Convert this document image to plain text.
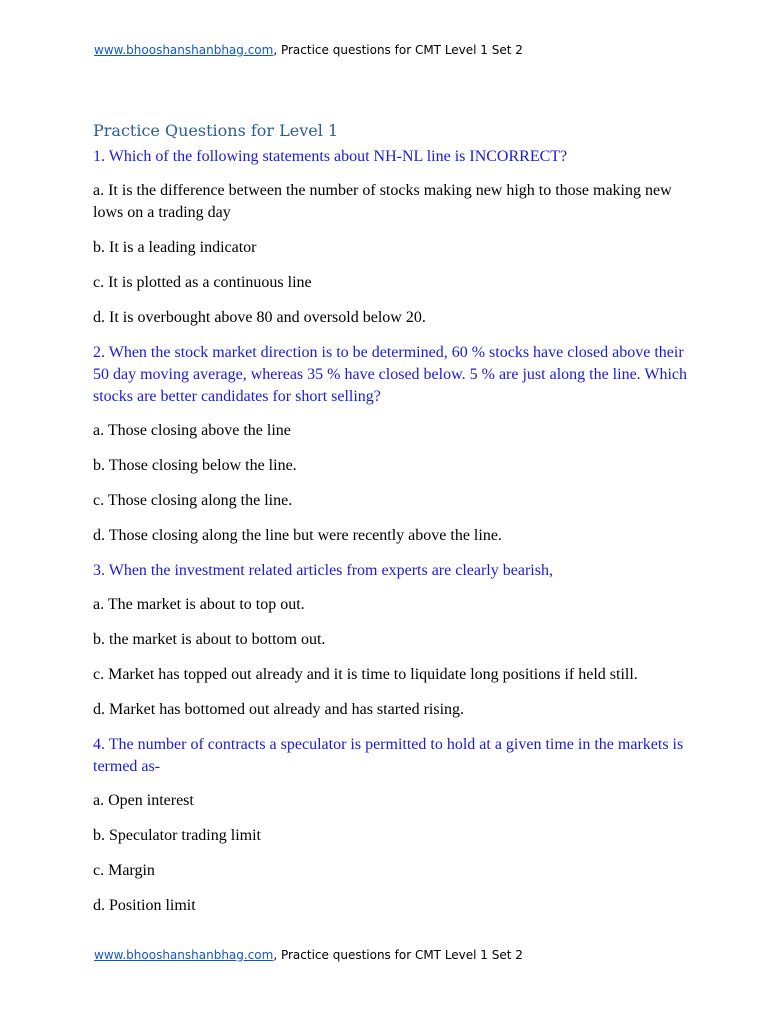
www.bhooshanshanbhag.com, Practice questions for CMT Level 1 Set 2
Practice Questions for Level 1
1. Which of the following statements about NH-NL line is INCORRECT?
a. It is the difference between the number of stocks making new high to those making new lows on a trading day
b. It is a leading indicator
c. It is plotted as a continuous line
d. It is overbought above 80 and oversold below 20.
2. When the stock market direction is to be determined, 60 % stocks have closed above their 50 day moving average, whereas 35 % have closed below. 5 % are just along the line. Which stocks are better candidates for short selling?
a. Those closing above the line
b. Those closing below the line.
c. Those closing along the line.
d. Those closing along the line but were recently above the line.
3. When the investment related articles from experts are clearly bearish,
a. The market is about to top out.
b. the market is about to bottom out.
c. Market has topped out already and it is time to liquidate long positions if held still.
d. Market has bottomed out already and has started rising.
4. The number of contracts a speculator is permitted to hold at a given time in the markets is termed as-
a. Open interest
b. Speculator trading limit
c. Margin
d. Position limit
www.bhooshanshanbhag.com, Practice questions for CMT Level 1 Set 2
